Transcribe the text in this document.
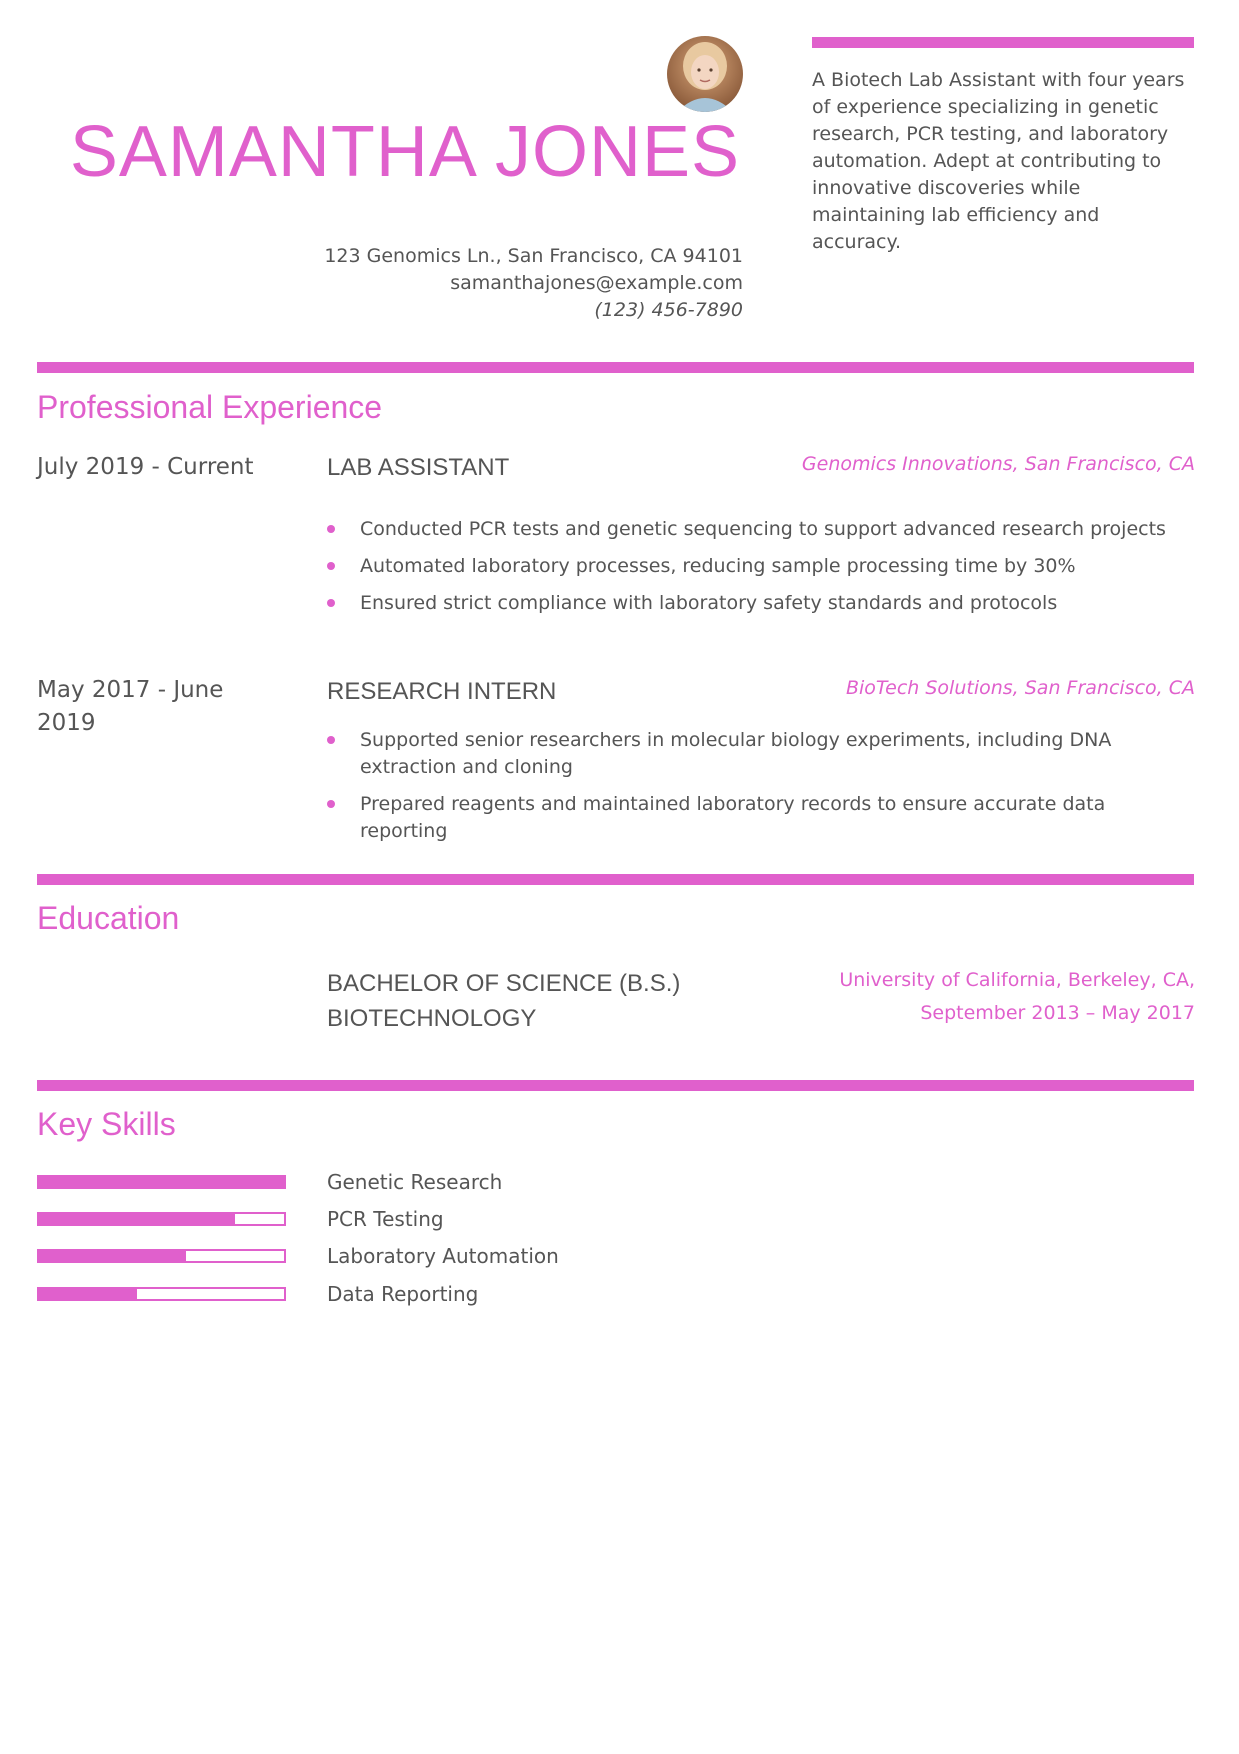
SAMANTHA JONES
123 Genomics Ln., San Francisco, CA 94101
samanthajones@example.com
(123) 456-7890
A Biotech Lab Assistant with four years of experience specializing in genetic research, PCR testing, and laboratory automation. Adept at contributing to innovative discoveries while maintaining lab efficiency and accuracy.
Professional Experience
July 2019 - Current	LAB ASSISTANT	Genomics Innovations, San Francisco, CA
Conducted PCR tests and genetic sequencing to support advanced research projects
Automated laboratory processes, reducing sample processing time by 30%
Ensured strict compliance with laboratory safety standards and protocols
May 2017 - June 2019
RESEARCH INTERN	BioTech Solutions, San Francisco, CA
Supported senior researchers in molecular biology experiments, including DNA extraction and cloning
Prepared reagents and maintained laboratory records to ensure accurate data reporting
Education
BACHELOR OF SCIENCE (B.S.)
BIOTECHNOLOGY
University of California, Berkeley, CA,
September 2013 – May 2017
Key Skills
Genetic Research
PCR Testing
Laboratory Automation
Data Reporting
